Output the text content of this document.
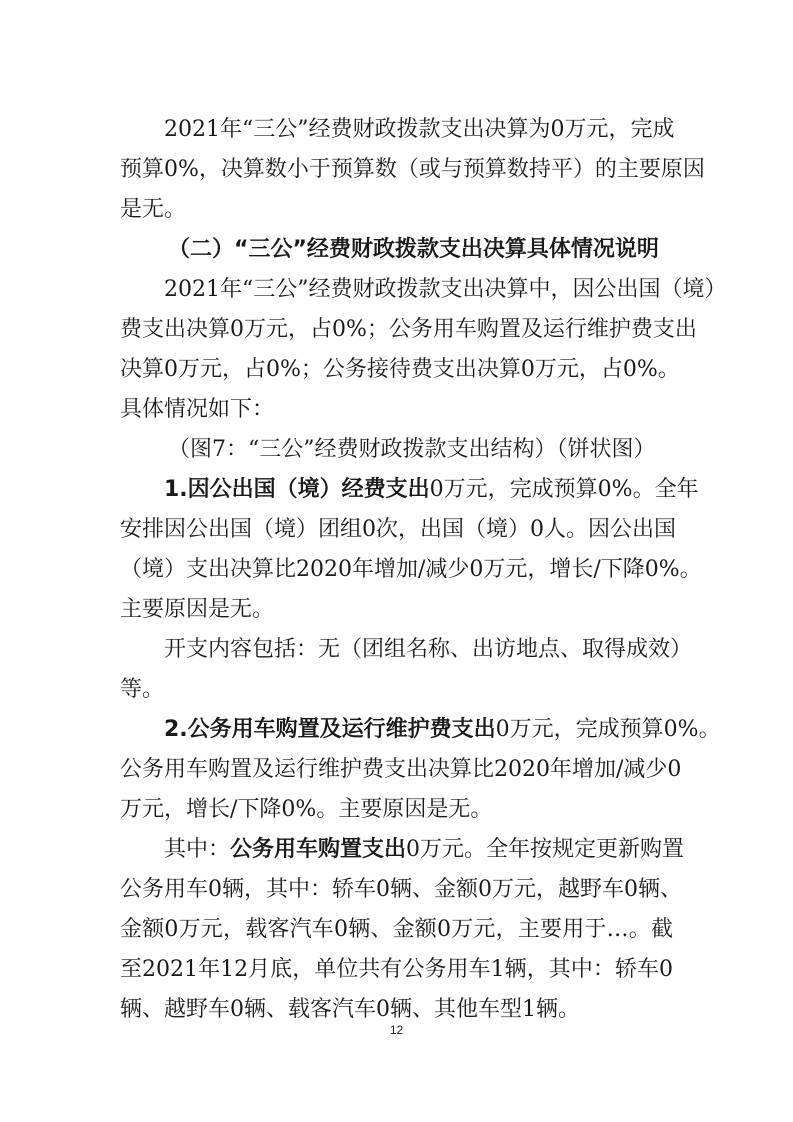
2021年“三公”经费财政拨款支出决算为0万元，完成
预算0%，决算数小于预算数（或与预算数持平）的主要原因
是无。
（二）“三公”经费财政拨款支出决算具体情况说明
2021年“三公”经费财政拨款支出决算中，因公出国（境）
费支出决算0万元，占0%；公务用车购置及运行维护费支出
决算0万元，占0%；公务接待费支出决算0万元，占0%。
具体情况如下：
（图7：“三公”经费财政拨款支出结构）（饼状图）
1.因公出国（境）经费支出0万元，完成预算0%。全年
安排因公出国（境）团组0次，出国（境）0人。因公出国
（境）支出决算比2020年增加/减少0万元，增长/下降0%。
主要原因是无。
开支内容包括：无（团组名称、出访地点、取得成效）
等。
2.公务用车购置及运行维护费支出0万元，完成预算0%。
公务用车购置及运行维护费支出决算比2020年增加/减少0
万元，增长/下降0%。主要原因是无。
其中：公务用车购置支出0万元。全年按规定更新购置
公务用车0辆，其中：轿车0辆、金额0万元，越野车0辆、
金额0万元，载客汽车0辆、金额0万元，主要用于…。截
至2021年12月底，单位共有公务用车1辆，其中：轿车0
辆、越野车0辆、载客汽车0辆、其他车型1辆。
12
